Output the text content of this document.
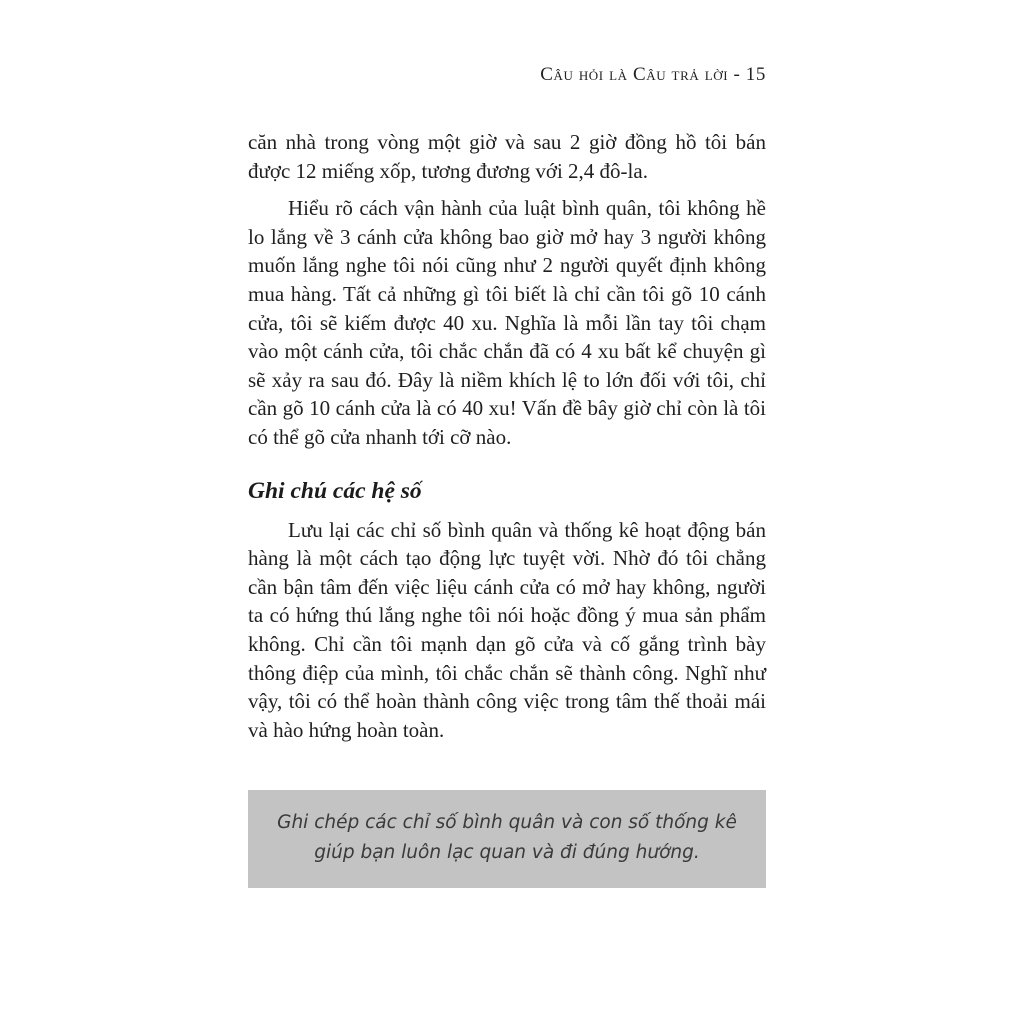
Câu hỏi là Câu trả lời - 15

căn nhà trong vòng một giờ và sau 2 giờ đồng hồ tôi bán được 12 miếng xốp, tương đương với 2,4 đô-la.

Hiểu rõ cách vận hành của luật bình quân, tôi không hề lo lắng về 3 cánh cửa không bao giờ mở hay 3 người không muốn lắng nghe tôi nói cũng như 2 người quyết định không mua hàng. Tất cả những gì tôi biết là chỉ cần tôi gõ 10 cánh cửa, tôi sẽ kiếm được 40 xu. Nghĩa là mỗi lần tay tôi chạm vào một cánh cửa, tôi chắc chắn đã có 4 xu bất kể chuyện gì sẽ xảy ra sau đó. Đây là niềm khích lệ to lớn đối với tôi, chỉ cần gõ 10 cánh cửa là có 40 xu! Vấn đề bây giờ chỉ còn là tôi có thể gõ cửa nhanh tới cỡ nào.

Ghi chú các hệ số

Lưu lại các chỉ số bình quân và thống kê hoạt động bán hàng là một cách tạo động lực tuyệt vời. Nhờ đó tôi chẳng cần bận tâm đến việc liệu cánh cửa có mở hay không, người ta có hứng thú lắng nghe tôi nói hoặc đồng ý mua sản phẩm không. Chỉ cần tôi mạnh dạn gõ cửa và cố gắng trình bày thông điệp của mình, tôi chắc chắn sẽ thành công. Nghĩ như vậy, tôi có thể hoàn thành công việc trong tâm thế thoải mái và hào hứng hoàn toàn.

Ghi chép các chỉ số bình quân và con số thống kê giúp bạn luôn lạc quan và đi đúng hướng.
